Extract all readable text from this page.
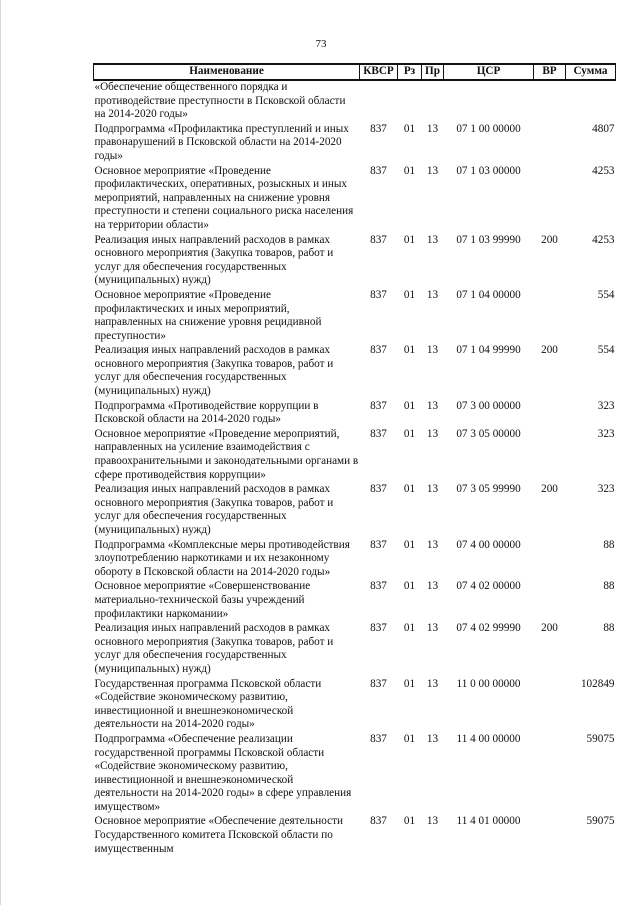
73
Наименование	КВСР	Рз	Пр	ЦСР	ВР	Сумма
«Обеспечение общественного порядка и противодействие преступности в Псковской области на 2014-2020 годы»						
Подпрограмма «Профилактика преступлений и иных правонарушений в Псковской области на 2014-2020 годы»	837	01	13	07 1 00 00000		4807
Основное мероприятие «Проведение профилактических, оперативных, розыскных и иных мероприятий, направленных на снижение уровня преступности и степени социального риска населения на территории области»	837	01	13	07 1 03 00000		4253
Реализация иных направлений расходов в рамках основного мероприятия (Закупка товаров, работ и услуг для обеспечения государственных (муниципальных) нужд)	837	01	13	07 1 03 99990	200	4253
Основное мероприятие «Проведение профилактических и иных мероприятий, направленных на снижение уровня рецидивной преступности»	837	01	13	07 1 04 00000		554
Реализация иных направлений расходов в рамках основного мероприятия (Закупка товаров, работ и услуг для обеспечения государственных (муниципальных) нужд)	837	01	13	07 1 04 99990	200	554
Подпрограмма «Противодействие коррупции в Псковской области на 2014-2020 годы»	837	01	13	07 3 00 00000		323
Основное мероприятие «Проведение мероприятий, направленных на усиление взаимодействия с правоохранительными и законодательными органами в сфере противодействия коррупции»	837	01	13	07 3 05 00000		323
Реализация иных направлений расходов в рамках основного мероприятия (Закупка товаров, работ и услуг для обеспечения государственных (муниципальных) нужд)	837	01	13	07 3 05 99990	200	323
Подпрограмма «Комплексные меры противодействия злоупотреблению наркотиками и их незаконному обороту в Псковской области на 2014-2020 годы»	837	01	13	07 4 00 00000		88
Основное мероприятие «Совершенствование материально-технической базы учреждений профилактики наркомании»	837	01	13	07 4 02 00000		88
Реализация иных направлений расходов в рамках основного мероприятия (Закупка товаров, работ и услуг для обеспечения государственных (муниципальных) нужд)	837	01	13	07 4 02 99990	200	88
Государственная программа Псковской области «Содействие экономическому развитию, инвестиционной и внешнеэкономической деятельности на 2014-2020 годы»	837	01	13	11 0 00 00000		102849
Подпрограмма «Обеспечение реализации государственной программы Псковской области «Содействие экономическому развитию, инвестиционной и внешнеэкономической деятельности на 2014-2020 годы» в сфере управления имуществом»	837	01	13	11 4 00 00000		59075
Основное мероприятие «Обеспечение деятельности Государственного комитета Псковской области по имущественным	837	01	13	11 4 01 00000		59075
